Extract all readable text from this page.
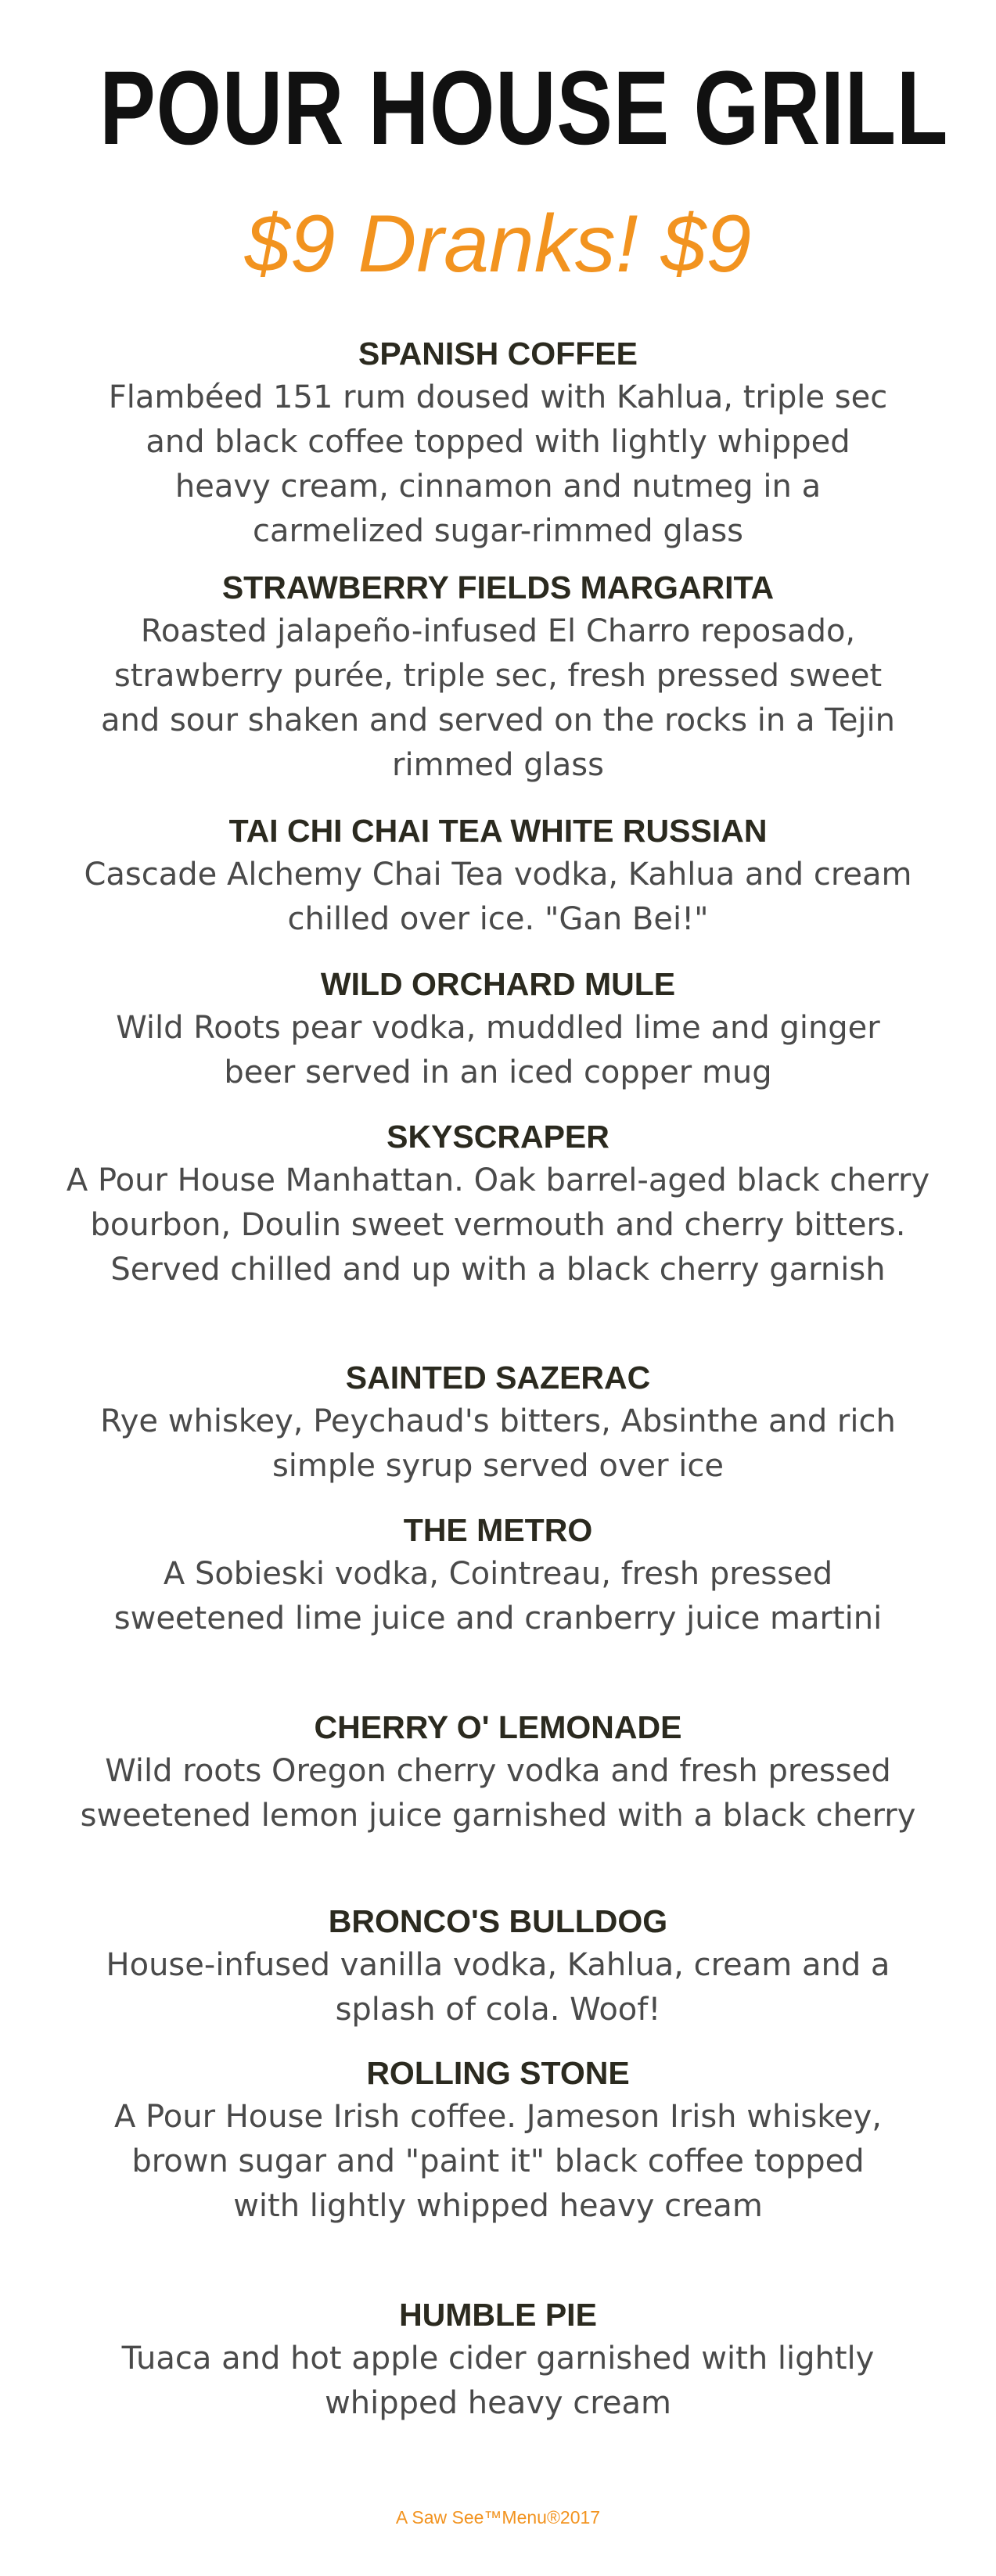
POUR HOUSE GRILL
$9 Dranks! $9
SPANISH COFFEE
Flambéed 151 rum doused with Kahlua, triple sec and black coffee topped with lightly whipped heavy cream, cinnamon and nutmeg in a carmelized sugar-rimmed glass
STRAWBERRY FIELDS MARGARITA
Roasted jalapeño-infused El Charro reposado, strawberry purée, triple sec, fresh pressed sweet and sour shaken and served on the rocks in a Tejin rimmed glass
TAI CHI CHAI TEA WHITE RUSSIAN
Cascade Alchemy Chai Tea vodka, Kahlua and cream chilled over ice. "Gan Bei!"
WILD ORCHARD MULE
Wild Roots pear vodka, muddled lime and ginger beer served in an iced copper mug
SKYSCRAPER
A Pour House Manhattan. Oak barrel-aged black cherry bourbon, Doulin sweet vermouth and cherry bitters. Served chilled and up with a black cherry garnish
SAINTED SAZERAC
Rye whiskey, Peychaud's bitters, Absinthe and rich simple syrup served over ice
THE METRO
A Sobieski vodka, Cointreau, fresh pressed sweetened lime juice and cranberry juice martini
CHERRY O' LEMONADE
Wild roots Oregon cherry vodka and fresh pressed sweetened lemon juice garnished with a black cherry
BRONCO'S BULLDOG
House-infused vanilla vodka, Kahlua, cream and a splash of cola. Woof!
ROLLING STONE
A Pour House Irish coffee. Jameson Irish whiskey, brown sugar and "paint it" black coffee topped with lightly whipped heavy cream
HUMBLE PIE
Tuaca and hot apple cider garnished with lightly whipped heavy cream
A Saw See™Menu®2017
